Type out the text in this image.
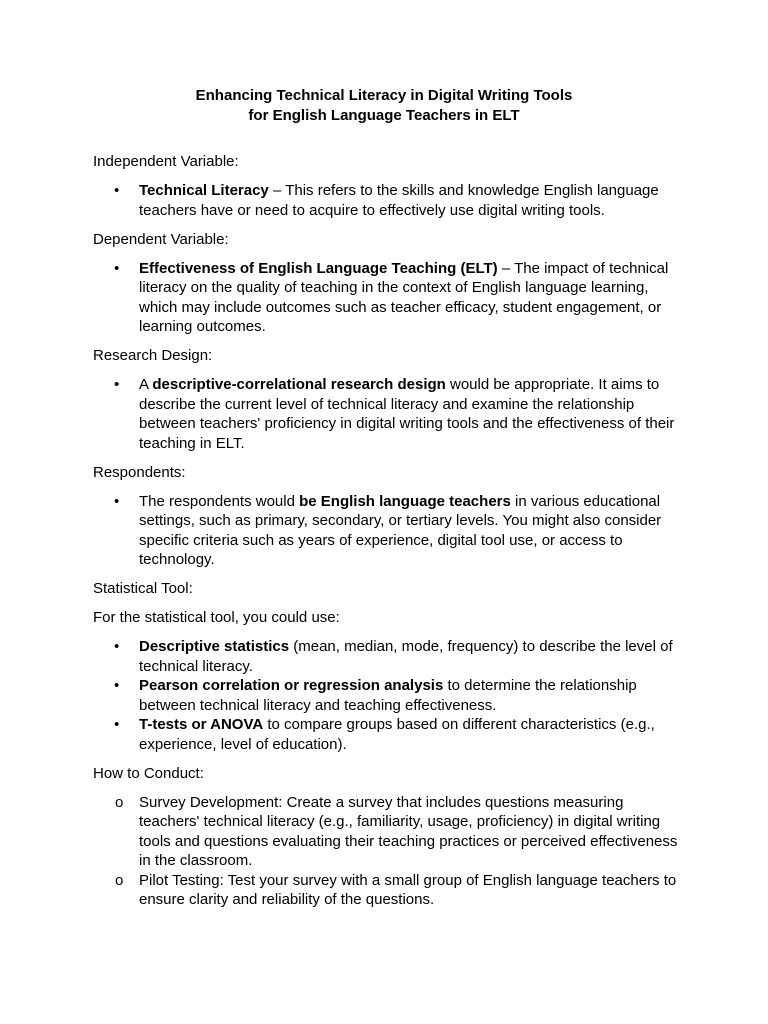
Enhancing Technical Literacy in Digital Writing Tools
for English Language Teachers in ELT

Independent Variable:

• Technical Literacy – This refers to the skills and knowledge English language teachers have or need to acquire to effectively use digital writing tools.

Dependent Variable:

• Effectiveness of English Language Teaching (ELT) – The impact of technical literacy on the quality of teaching in the context of English language learning, which may include outcomes such as teacher efficacy, student engagement, or learning outcomes.

Research Design:

• A descriptive-correlational research design would be appropriate. It aims to describe the current level of technical literacy and examine the relationship between teachers' proficiency in digital writing tools and the effectiveness of their teaching in ELT.

Respondents:

• The respondents would be English language teachers in various educational settings, such as primary, secondary, or tertiary levels. You might also consider specific criteria such as years of experience, digital tool use, or access to technology.

Statistical Tool:

For the statistical tool, you could use:

• Descriptive statistics (mean, median, mode, frequency) to describe the level of technical literacy.
• Pearson correlation or regression analysis to determine the relationship between technical literacy and teaching effectiveness.
• T-tests or ANOVA to compare groups based on different characteristics (e.g., experience, level of education).

How to Conduct:

o Survey Development: Create a survey that includes questions measuring teachers' technical literacy (e.g., familiarity, usage, proficiency) in digital writing tools and questions evaluating their teaching practices or perceived effectiveness in the classroom.
o Pilot Testing: Test your survey with a small group of English language teachers to ensure clarity and reliability of the questions.
